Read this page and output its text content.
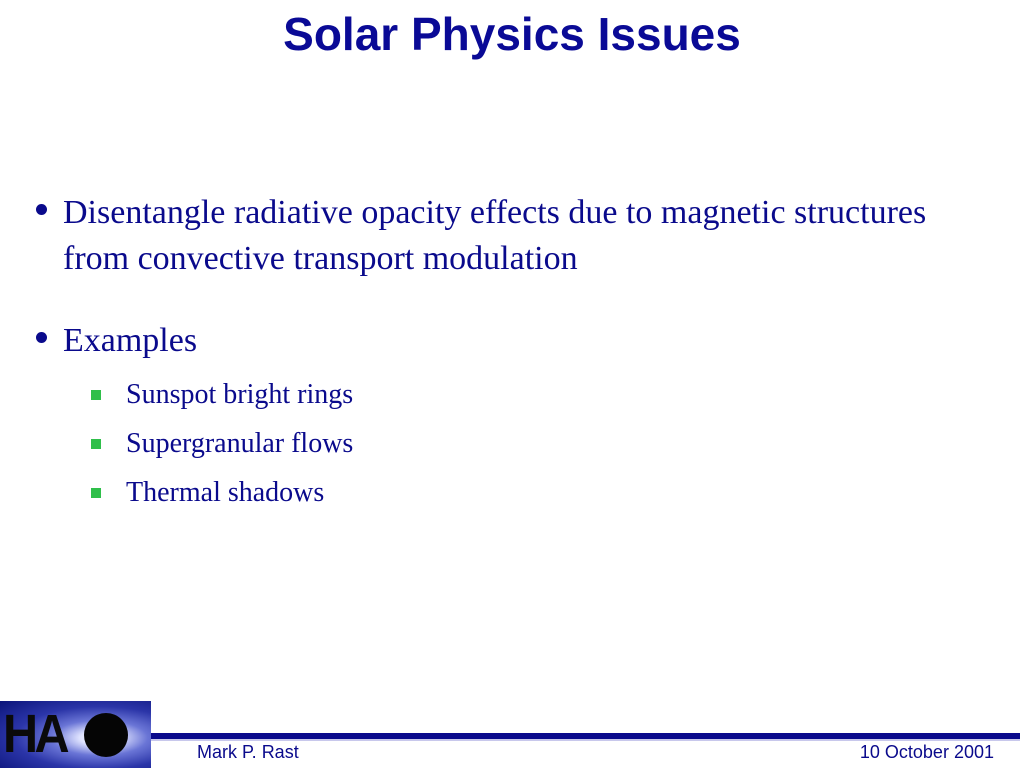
Solar Physics Issues
Disentangle radiative opacity effects due to magnetic structures from convective transport modulation
Examples
Sunspot bright rings
Supergranular flows
Thermal shadows
HA	Mark P. Rast	10 October 2001
